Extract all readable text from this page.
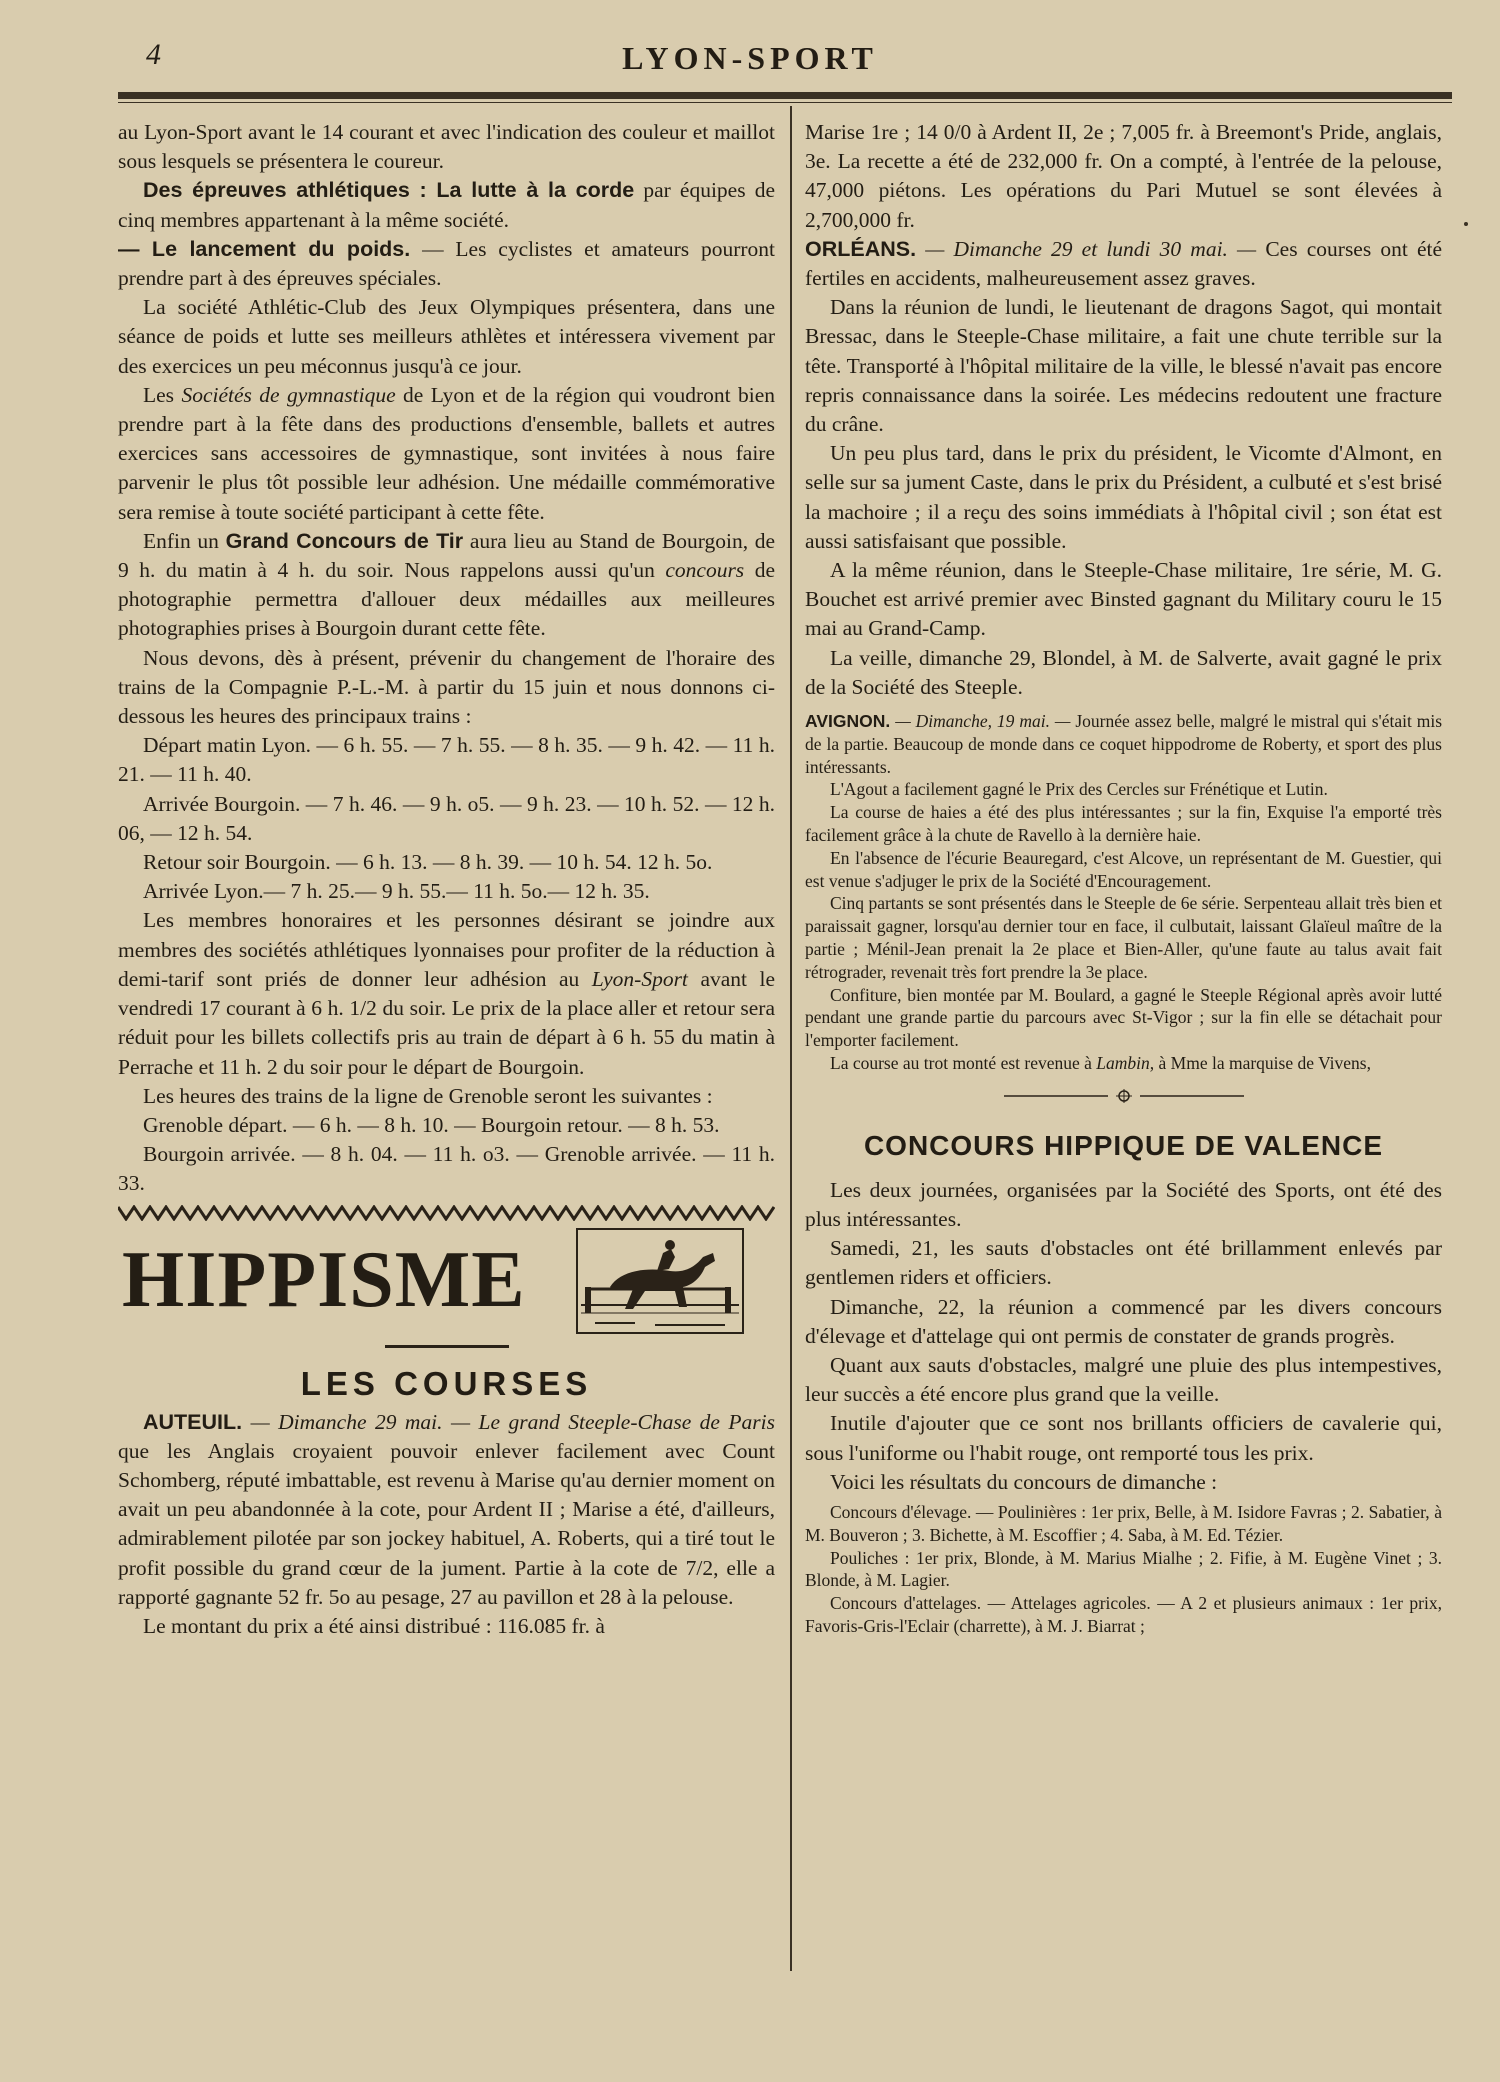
4	LYON-SPORT

au Lyon-Sport avant le 14 courant et avec l'indication des couleur et maillot sous lesquels se présentera le coureur.

Des épreuves athlétiques : La lutte à la corde par équipes de cinq membres appartenant à la même société.

— Le lancement du poids. — Les cyclistes et amateurs pourront prendre part à des épreuves spéciales.

La société Athlétic-Club des Jeux Olympiques présentera, dans une séance de poids et lutte ses meilleurs athlètes et intéressera vivement par des exercices un peu méconnus jusqu'à ce jour.

Les Sociétés de gymnastique de Lyon et de la région qui voudront bien prendre part à la fête dans des productions d'ensemble, ballets et autres exercices sans accessoires de gymnastique, sont invitées à nous faire parvenir le plus tôt possible leur adhésion. Une médaille commémorative sera remise à toute société participant à cette fête.

Enfin un Grand Concours de Tir aura lieu au Stand de Bourgoin, de 9 h. du matin à 4 h. du soir. Nous rappelons aussi qu'un concours de photographie permettra d'allouer deux médailles aux meilleures photographies prises à Bourgoin durant cette fête.

Nous devons, dès à présent, prévenir du changement de l'horaire des trains de la Compagnie P.-L.-M. à partir du 15 juin et nous donnons ci-dessous les heures des principaux trains :

Départ matin Lyon. — 6 h. 55. — 7 h. 55. — 8 h. 35. — 9 h. 42. — 11 h. 21. — 11 h. 40.

Arrivée Bourgoin. — 7 h. 46. — 9 h. o5. — 9 h. 23. — 10 h. 52. — 12 h. 06, — 12 h. 54.

Retour soir Bourgoin. — 6 h. 13. — 8 h. 39. — 10 h. 54. 12 h. 5o.

Arrivée Lyon.— 7 h. 25.— 9 h. 55.— 11 h. 5o.— 12 h. 35.

Les membres honoraires et les personnes désirant se joindre aux membres des sociétés athlétiques lyonnaises pour profiter de la réduction à demi-tarif sont priés de donner leur adhésion au Lyon-Sport avant le vendredi 17 courant à 6 h. 1/2 du soir. Le prix de la place aller et retour sera réduit pour les billets collectifs pris au train de départ à 6 h. 55 du matin à Perrache et 11 h. 2 du soir pour le départ de Bourgoin.

Les heures des trains de la ligne de Grenoble seront les suivantes :

Grenoble départ. — 6 h. — 8 h. 10. — Bourgoin retour. — 8 h. 53.

Bourgoin arrivée. — 8 h. 04. — 11 h. o3. — Grenoble arrivée. — 11 h. 33.

HIPPISME
LES COURSES

AUTEUIL. — Dimanche 29 mai. — Le grand Steeple-Chase de Paris que les Anglais croyaient pouvoir enlever facilement avec Count Schomberg, réputé imbattable, est revenu à Marise qu'au dernier moment on avait un peu abandonnée à la cote, pour Ardent II ; Marise a été, d'ailleurs, admirablement pilotée par son jockey habituel, A. Roberts, qui a tiré tout le profit possible du grand cœur de la jument. Partie à la cote de 7/2, elle a rapporté gagnante 52 fr. 5o au pesage, 27 au pavillon et 28 à la pelouse.

Le montant du prix a été ainsi distribué : 116.085 fr. à

Marise 1re ; 14 0/0 à Ardent II, 2e ; 7,005 fr. à Breemont's Pride, anglais, 3e. La recette a été de 232,000 fr. On a compté, à l'entrée de la pelouse, 47,000 piétons. Les opérations du Pari Mutuel se sont élevées à 2,700,000 fr.

ORLÉANS. — Dimanche 29 et lundi 30 mai. — Ces courses ont été fertiles en accidents, malheureusement assez graves.

Dans la réunion de lundi, le lieutenant de dragons Sagot, qui montait Bressac, dans le Steeple-Chase militaire, a fait une chute terrible sur la tête. Transporté à l'hôpital militaire de la ville, le blessé n'avait pas encore repris connaissance dans la soirée. Les médecins redoutent une fracture du crâne.

Un peu plus tard, dans le prix du président, le Vicomte d'Almont, en selle sur sa jument Caste, dans le prix du Président, a culbuté et s'est brisé la machoire ; il a reçu des soins immédiats à l'hôpital civil ; son état est aussi satisfaisant que possible.

A la même réunion, dans le Steeple-Chase militaire, 1re série, M. G. Bouchet est arrivé premier avec Binsted gagnant du Military couru le 15 mai au Grand-Camp.

La veille, dimanche 29, Blondel, à M. de Salverte, avait gagné le prix de la Société des Steeple.

AVIGNON. — Dimanche, 19 mai. — Journée assez belle, malgré le mistral qui s'était mis de la partie. Beaucoup de monde dans ce coquet hippodrome de Roberty, et sport des plus intéressants.

L'Agout a facilement gagné le Prix des Cercles sur Frénétique et Lutin.

La course de haies a été des plus intéressantes ; sur la fin, Exquise l'a emporté très facilement grâce à la chute de Ravello à la dernière haie.

En l'absence de l'écurie Beauregard, c'est Alcove, un représentant de M. Guestier, qui est venue s'adjuger le prix de la Société d'Encouragement.

Cinq partants se sont présentés dans le Steeple de 6e série. Serpenteau allait très bien et paraissait gagner, lorsqu'au dernier tour en face, il culbutait, laissant Glaïeul maître de la partie ; Ménil-Jean prenait la 2e place et Bien-Aller, qu'une faute au talus avait fait rétrograder, revenait très fort prendre la 3e place.

Confiture, bien montée par M. Boulard, a gagné le Steeple Régional après avoir lutté pendant une grande partie du parcours avec St-Vigor ; sur la fin elle se détachait pour l'emporter facilement.

La course au trot monté est revenue à Lambin, à Mme la marquise de Vivens,

CONCOURS HIPPIQUE DE VALENCE

Les deux journées, organisées par la Société des Sports, ont été des plus intéressantes.

Samedi, 21, les sauts d'obstacles ont été brillamment enlevés par gentlemen riders et officiers.

Dimanche, 22, la réunion a commencé par les divers concours d'élevage et d'attelage qui ont permis de constater de grands progrès.

Quant aux sauts d'obstacles, malgré une pluie des plus intempestives, leur succès a été encore plus grand que la veille.

Inutile d'ajouter que ce sont nos brillants officiers de cavalerie qui, sous l'uniforme ou l'habit rouge, ont remporté tous les prix.

Voici les résultats du concours de dimanche :

Concours d'élevage. — Poulinières : 1er prix, Belle, à M. Isidore Favras ; 2. Sabatier, à M. Bouveron ; 3. Bichette, à M. Escoffier ; 4. Saba, à M. Ed. Tézier.

Pouliches : 1er prix, Blonde, à M. Marius Mialhe ; 2. Fifie, à M. Eugène Vinet ; 3. Blonde, à M. Lagier.

Concours d'attelages. — Attelages agricoles. — A 2 et plusieurs animaux : 1er prix, Favoris-Gris-l'Eclair (charrette), à M. J. Biarrat ;
